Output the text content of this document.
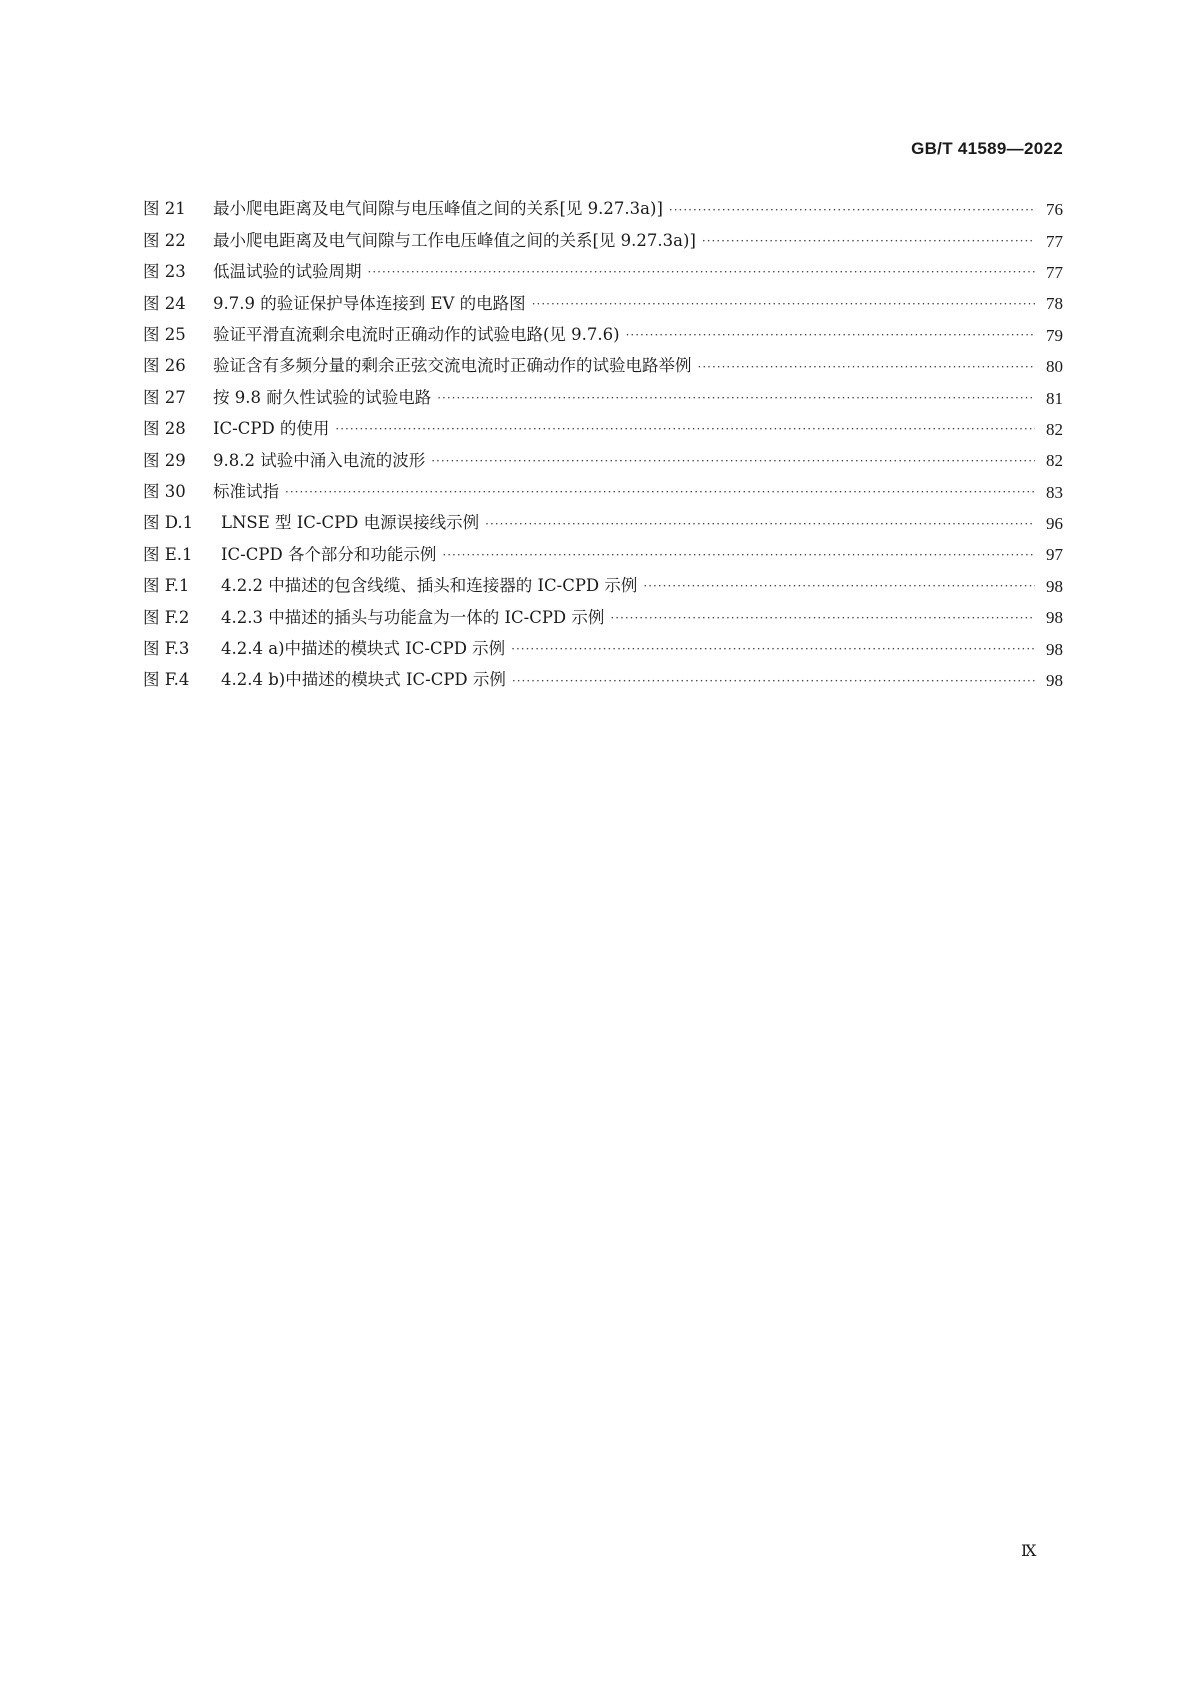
GB/T 41589—2022
图 21	最小爬电距离及电气间隙与电压峰值之间的关系[见 9.27.3a)] ·····	76
图 22	最小爬电距离及电气间隙与工作电压峰值之间的关系[见 9.27.3a)] ·····	77
图 23	低温试验的试验周期 ·····	77
图 24	9.7.9 的验证保护导体连接到 EV 的电路图 ·····	78
图 25	验证平滑直流剩余电流时正确动作的试验电路(见 9.7.6) ·····	79
图 26	验证含有多频分量的剩余正弦交流电流时正确动作的试验电路举例 ·····	80
图 27	按 9.8 耐久性试验的试验电路 ·····	81
图 28	IC-CPD 的使用 ·····	82
图 29	9.8.2 试验中涌入电流的波形 ·····	82
图 30	标准试指 ·····	83
图 D.1	LNSE 型 IC-CPD 电源误接线示例 ·····	96
图 E.1	IC-CPD 各个部分和功能示例 ·····	97
图 F.1	4.2.2 中描述的包含线缆、插头和连接器的 IC-CPD 示例 ·····	98
图 F.2	4.2.3 中描述的插头与功能盒为一体的 IC-CPD 示例 ·····	98
图 F.3	4.2.4 a)中描述的模块式 IC-CPD 示例 ·····	98
图 F.4	4.2.4 b)中描述的模块式 IC-CPD 示例 ·····	98
Ⅸ
